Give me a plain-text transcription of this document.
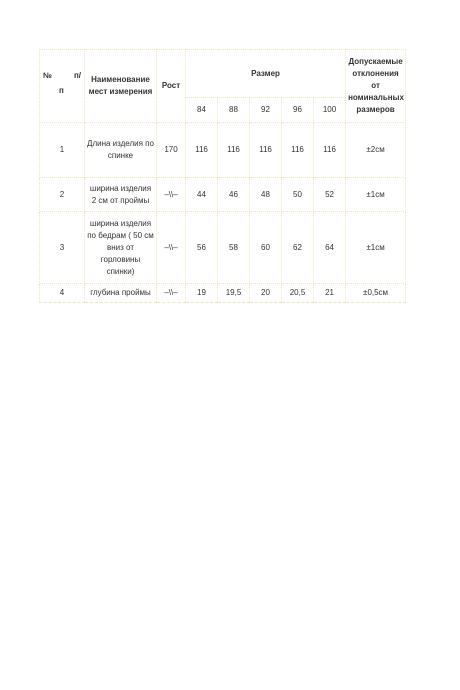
№ п/
п	Наименование мест измерения	Рост	Размер					Допускаемые отклонения от номинальных размеров
			84	88	92	96	100	
1	Длина изделия по спинке	170	116	116	116	116	116	±2см
2	ширина изделия 2 см от проймы	–\\–	44	46	48	50	52	±1см
3	ширина изделия по бедрам ( 50 см вниз от горловины спинки)	–\\–	56	58	60	62	64	±1см
4	глубина проймы	–\\–	19	19,5	20	20,5	21	±0,5см
